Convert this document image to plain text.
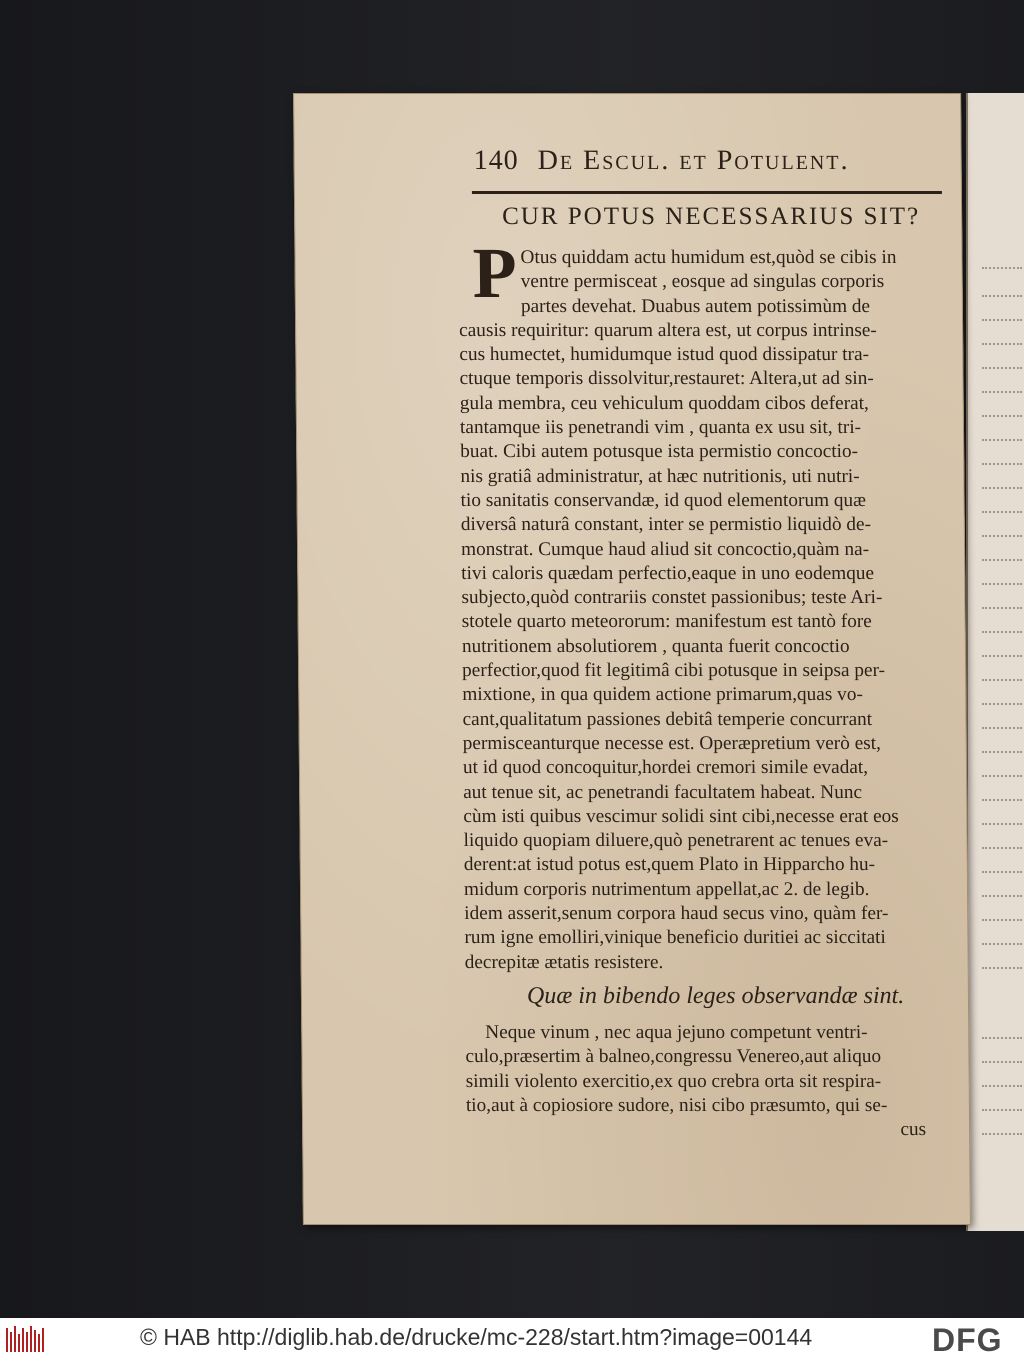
140 De Escul. et Potulent.
CUR POTUS NECESSARIUS SIT?
P Otus quiddam actu humidum est,quòd se cibis in
ventre permisceat , eosque ad singulas corporis
partes devehat. Duabus autem potissimùm de
causis requiritur: quarum altera est, ut corpus intrinse-
cus humectet, humidumque istud quod dissipatur tra-
ctuque temporis dissolvitur,restauret: Altera,ut ad sin-
gula membra, ceu vehiculum quoddam cibos deferat,
tantamque iis penetrandi vim , quanta ex usu sit, tri-
buat. Cibi autem potusque ista permistio concoctio-
nis gratiâ administratur, at hæc nutritionis, uti nutri-
tio sanitatis conservandæ, id quod elementorum quæ
diversâ naturâ constant, inter se permistio liquidò de-
monstrat. Cumque haud aliud sit concoctio,quàm na-
tivi caloris quædam perfectio,eaque in uno eodemque
subjecto,quòd contrariis constet passionibus; teste Ari-
stotele quarto meteororum: manifestum est tantò fore
nutritionem absolutiorem , quanta fuerit concoctio
perfectior,quod fit legitimâ cibi potusque in seipsa per-
mixtione, in qua quidem actione primarum,quas vo-
cant,qualitatum passiones debitâ temperie concurrant
permisceanturque necesse est. Operæpretium verò est,
ut id quod concoquitur,hordei cremori simile evadat,
aut tenue sit, ac penetrandi facultatem habeat. Nunc
cùm isti quibus vescimur solidi sint cibi,necesse erat eos
liquido quopiam diluere,quò penetrarent ac tenues eva-
derent:at istud potus est,quem Plato in Hipparcho hu-
midum corporis nutrimentum appellat,ac 2. de legib.
idem asserit,senum corpora haud secus vino, quàm fer-
rum igne emolliri,vinique beneficio duritiei ac siccitati
decrepitæ ætatis resistere.
Quæ in bibendo leges observandæ sint.
Neque vinum , nec aqua jejuno competunt ventri-
culo,præsertim à balneo,congressu Venereo,aut aliquo
simili violento exercitio,ex quo crebra orta sit respira-
tio,aut à copiosiore sudore, nisi cibo præsumto, qui se-
cus
© HAB http://diglib.hab.de/drucke/mc-228/start.htm?image=00144	DFG
